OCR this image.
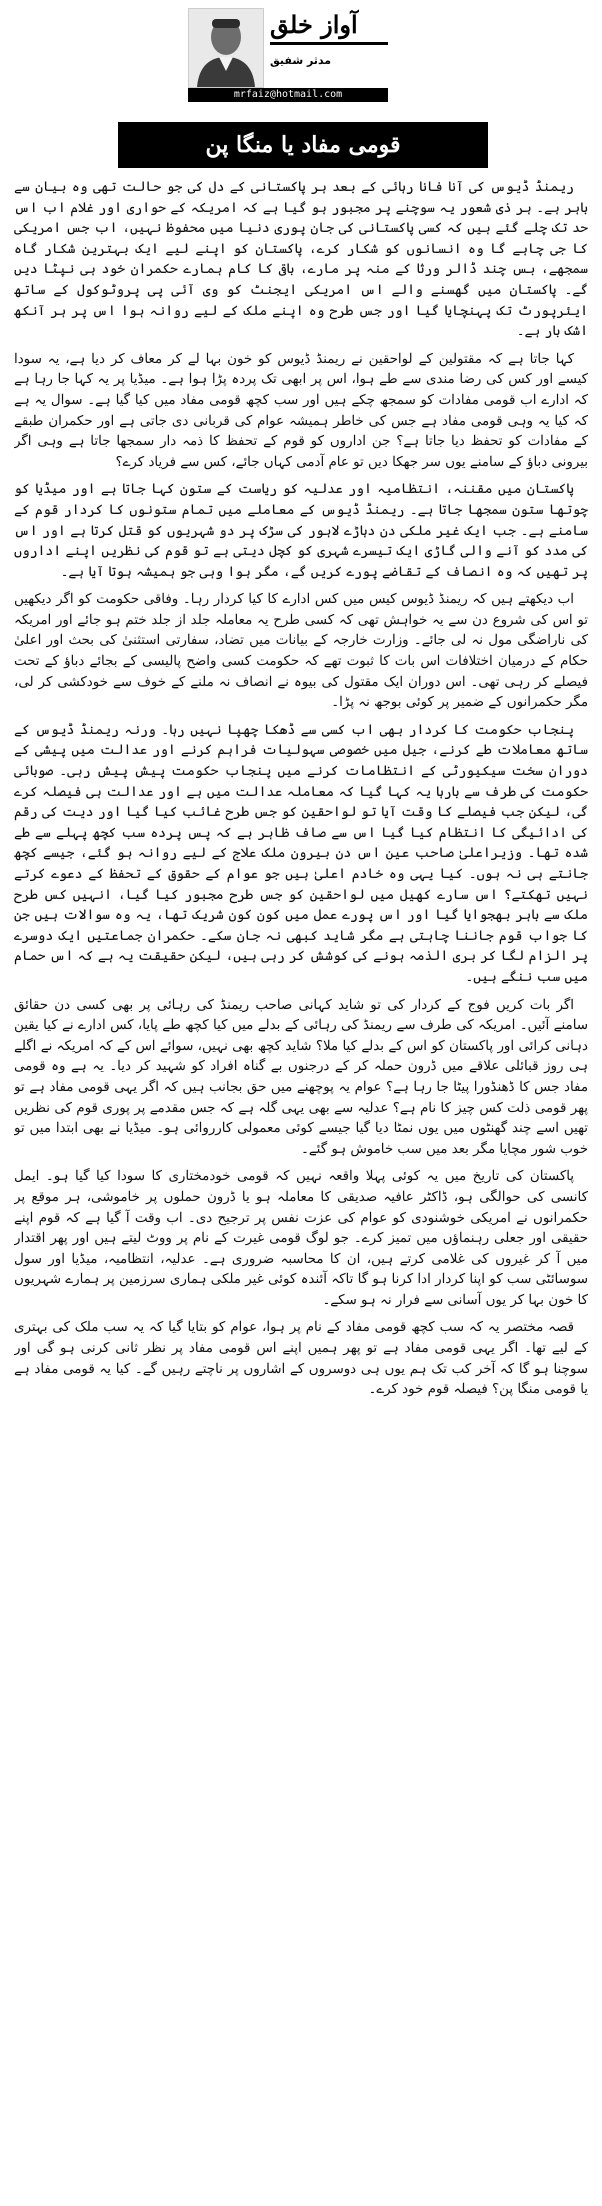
آواز خلق
مدثر شفیق
mrfaiz@hotmail.com
قومی مفاد یا منگا پن

ریمنڈ ڈیوس کی آنا فانا رہائی کے بعد ہر پاکستانی کے دل کی جو حالت تھی وہ بیان سے باہر ہے۔ ہر ذی شعور یہ سوچنے پر مجبور ہو گیا ہے کہ امریکہ کے حواری اور غلام اب اس حد تک چلے گئے ہیں کہ کسی پاکستانی کی جان پوری دنیا میں محفوظ نہیں، اب جس امریکی کا جی چاہے گا وہ انسانوں کو شکار کرے، پاکستان کو اپنے لیے ایک بہترین شکار گاہ سمجھے، بس چند ڈالر ورثا کے منہ پر مارے، باقی کا کام ہمارے حکمران خود ہی نپٹا دیں گے۔ پاکستان میں گھسنے والے اس امریکی ایجنٹ کو وی آئی پی پروٹوکول کے ساتھ ایئرپورٹ تک پہنچایا گیا اور جس طرح وہ اپنے ملک کے لیے روانہ ہوا اس پر ہر آنکھ اشک بار ہے۔

کہا جاتا ہے کہ مقتولین کے لواحقین نے ریمنڈ ڈیوس کو خون بہا لے کر معاف کر دیا ہے، یہ سودا کیسے اور کس کی رضا مندی سے طے ہوا، اس پر ابھی تک پردہ پڑا ہوا ہے۔ میڈیا پر یہ کہا جا رہا ہے کہ ادارے اب قومی مفادات کو سمجھ چکے ہیں اور سب کچھ قومی مفاد میں کیا گیا ہے۔ سوال یہ ہے کہ کیا یہ وہی قومی مفاد ہے جس کی خاطر ہمیشہ عوام کی قربانی دی جاتی ہے اور حکمران طبقے کے مفادات کو تحفظ دیا جاتا ہے؟ جن اداروں کو قوم کے تحفظ کا ذمہ دار سمجھا جاتا ہے وہی اگر بیرونی دباؤ کے سامنے یوں سر جھکا دیں تو عام آدمی کہاں جائے، کس سے فریاد کرے؟

پاکستان میں مقننہ، انتظامیہ اور عدلیہ کو ریاست کے ستون کہا جاتا ہے اور میڈیا کو چوتھا ستون سمجھا جاتا ہے۔ ریمنڈ ڈیوس کے معاملے میں تمام ستونوں کا کردار قوم کے سامنے ہے۔ جب ایک غیر ملکی دن دہاڑے لاہور کی سڑک پر دو شہریوں کو قتل کرتا ہے اور اس کی مدد کو آنے والی گاڑی ایک تیسرے شہری کو کچل دیتی ہے تو قوم کی نظریں اپنے اداروں پر تھیں کہ وہ انصاف کے تقاضے پورے کریں گے، مگر ہوا وہی جو ہمیشہ ہوتا آیا ہے۔

اب دیکھتے ہیں کہ ریمنڈ ڈیوس کیس میں کس ادارے کا کیا کردار رہا۔ وفاقی حکومت کو اگر دیکھیں تو اس کی شروع دن سے یہ خواہش تھی کہ کسی طرح یہ معاملہ جلد از جلد ختم ہو جائے اور امریکہ کی ناراضگی مول نہ لی جائے۔ وزارت خارجہ کے بیانات میں تضاد، سفارتی استثنیٰ کی بحث اور اعلیٰ حکام کے درمیان اختلافات اس بات کا ثبوت تھے کہ حکومت کسی واضح پالیسی کے بجائے دباؤ کے تحت فیصلے کر رہی تھی۔ اس دوران ایک مقتول کی بیوہ نے انصاف نہ ملنے کے خوف سے خودکشی کر لی، مگر حکمرانوں کے ضمیر پر کوئی بوجھ نہ پڑا۔

پنجاب حکومت کا کردار بھی اب کسی سے ڈھکا چھپا نہیں رہا۔ ورنہ ریمنڈ ڈیوس کے ساتھ معاملات طے کرنے، جیل میں خصوصی سہولیات فراہم کرنے اور عدالت میں پیشی کے دوران سخت سیکیورٹی کے انتظامات کرنے میں پنجاب حکومت پیش پیش رہی۔ صوبائی حکومت کی طرف سے بارہا یہ کہا گیا کہ معاملہ عدالت میں ہے اور عدالت ہی فیصلہ کرے گی، لیکن جب فیصلے کا وقت آیا تو لواحقین کو جس طرح غائب کیا گیا اور دیت کی رقم کی ادائیگی کا انتظام کیا گیا اس سے صاف ظاہر ہے کہ پس پردہ سب کچھ پہلے سے طے شدہ تھا۔ وزیراعلیٰ صاحب عین اس دن بیرون ملک علاج کے لیے روانہ ہو گئے، جیسے کچھ جانتے ہی نہ ہوں۔ کیا یہی وہ خادم اعلیٰ ہیں جو عوام کے حقوق کے تحفظ کے دعوے کرتے نہیں تھکتے؟ اس سارے کھیل میں لواحقین کو جس طرح مجبور کیا گیا، انہیں کس طرح ملک سے باہر بھجوایا گیا اور اس پورے عمل میں کون کون شریک تھا، یہ وہ سوالات ہیں جن کا جواب قوم جاننا چاہتی ہے مگر شاید کبھی نہ جان سکے۔ حکمران جماعتیں ایک دوسرے پر الزام لگا کر بری الذمہ ہونے کی کوشش کر رہی ہیں، لیکن حقیقت یہ ہے کہ اس حمام میں سب ننگے ہیں۔

اگر بات کریں فوج کے کردار کی تو شاید کہانی صاحب ریمنڈ کی رہائی پر بھی کسی دن حقائق سامنے آئیں۔ امریکہ کی طرف سے ریمنڈ کی رہائی کے بدلے میں کیا کچھ طے پایا، کس ادارے نے کیا یقین دہانی کرائی اور پاکستان کو اس کے بدلے کیا ملا؟ شاید کچھ بھی نہیں، سوائے اس کے کہ امریکہ نے اگلے ہی روز قبائلی علاقے میں ڈرون حملہ کر کے درجنوں بے گناہ افراد کو شہید کر دیا۔ یہ ہے وہ قومی مفاد جس کا ڈھنڈورا پیٹا جا رہا ہے؟ عوام یہ پوچھنے میں حق بجانب ہیں کہ اگر یہی قومی مفاد ہے تو پھر قومی ذلت کس چیز کا نام ہے؟ عدلیہ سے بھی یہی گلہ ہے کہ جس مقدمے پر پوری قوم کی نظریں تھیں اسے چند گھنٹوں میں یوں نمٹا دیا گیا جیسے کوئی معمولی کارروائی ہو۔ میڈیا نے بھی ابتدا میں تو خوب شور مچایا مگر بعد میں سب خاموش ہو گئے۔

پاکستان کی تاریخ میں یہ کوئی پہلا واقعہ نہیں کہ قومی خودمختاری کا سودا کیا گیا ہو۔ ایمل کانسی کی حوالگی ہو، ڈاکٹر عافیہ صدیقی کا معاملہ ہو یا ڈرون حملوں پر خاموشی، ہر موقع پر حکمرانوں نے امریکی خوشنودی کو عوام کی عزت نفس پر ترجیح دی۔ اب وقت آ گیا ہے کہ قوم اپنے حقیقی اور جعلی رہنماؤں میں تمیز کرے۔ جو لوگ قومی غیرت کے نام پر ووٹ لیتے ہیں اور پھر اقتدار میں آ کر غیروں کی غلامی کرتے ہیں، ان کا محاسبہ ضروری ہے۔ عدلیہ، انتظامیہ، میڈیا اور سول سوسائٹی سب کو اپنا کردار ادا کرنا ہو گا تاکہ آئندہ کوئی غیر ملکی ہماری سرزمین پر ہمارے شہریوں کا خون بہا کر یوں آسانی سے فرار نہ ہو سکے۔

قصہ مختصر یہ کہ سب کچھ قومی مفاد کے نام پر ہوا، عوام کو بتایا گیا کہ یہ سب ملک کی بہتری کے لیے تھا۔ اگر یہی قومی مفاد ہے تو پھر ہمیں اپنے اس قومی مفاد پر نظر ثانی کرنی ہو گی اور سوچنا ہو گا کہ آخر کب تک ہم یوں ہی دوسروں کے اشاروں پر ناچتے رہیں گے۔ کیا یہ قومی مفاد ہے یا قومی منگا پن؟ فیصلہ قوم خود کرے۔
